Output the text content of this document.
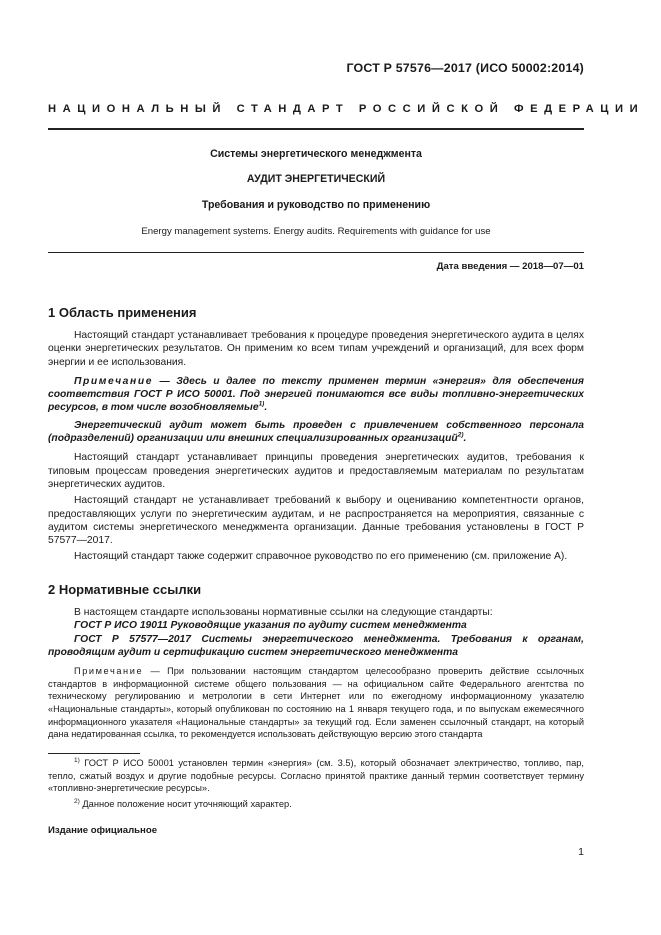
ГОСТ Р 57576—2017 (ИСО 50002:2014)

НАЦИОНАЛЬНЫЙ СТАНДАРТ РОССИЙСКОЙ ФЕДЕРАЦИИ

Системы энергетического менеджмента

АУДИТ ЭНЕРГЕТИЧЕСКИЙ

Требования и руководство по применению

Energy management systems. Energy audits. Requirements with guidance for use

Дата введения — 2018—07—01

1 Область применения

Настоящий стандарт устанавливает требования к процедуре проведения энергетического аудита в целях оценки энергетических результатов. Он применим ко всем типам учреждений и организаций, для всех форм энергии и ее использования.

Примечание — Здесь и далее по тексту применен термин «энергия» для обеспечения соответствия ГОСТ Р ИСО 50001. Под энергией понимаются все виды топливно-энергетических ресурсов, в том числе возобновляемые$^{1)}$.

Энергетический аудит может быть проведен с привлечением собственного персонала (подразделений) организации или внешних специализированных организаций$^{2)}$.

Настоящий стандарт устанавливает принципы проведения энергетических аудитов, требования к типовым процессам проведения энергетических аудитов и предоставляемым материалам по результатам энергетических аудитов.

Настоящий стандарт не устанавливает требований к выбору и оцениванию компетентности органов, предоставляющих услуги по энергетическим аудитам, и не распространяется на мероприятия, связанные с аудитом системы энергетического менеджмента организации. Данные требования установлены в ГОСТ Р 57577—2017.

Настоящий стандарт также содержит справочное руководство по его применению (см. приложение А).

2 Нормативные ссылки

В настоящем стандарте использованы нормативные ссылки на следующие стандарты:

ГОСТ Р ИСО 19011 Руководящие указания по аудиту систем менеджмента

ГОСТ Р 57577—2017 Системы энергетического менеджмента. Требования к органам, проводящим аудит и сертификацию систем энергетического менеджмента

Примечание — При пользовании настоящим стандартом целесообразно проверить действие ссылочных стандартов в информационной системе общего пользования — на официальном сайте Федерального агентства по техническому регулированию и метрологии в сети Интернет или по ежегодному информационному указателю «Национальные стандарты», который опубликован по состоянию на 1 января текущего года, и по выпускам ежемесячного информационного указателя «Национальные стандарты» за текущий год. Если заменен ссылочный стандарт, на который дана недатированная ссылка, то рекомендуется использовать действующую версию этого стандарта

$^{1)}$ ГОСТ Р ИСО 50001 установлен термин «энергия» (см. 3.5), который обозначает электричество, топливо, пар, тепло, сжатый воздух и другие подобные ресурсы. Согласно принятой практике данный термин соответствует термину «топливно-энергетические ресурсы».

$^{2)}$ Данное положение носит уточняющий характер.

Издание официальное

1
